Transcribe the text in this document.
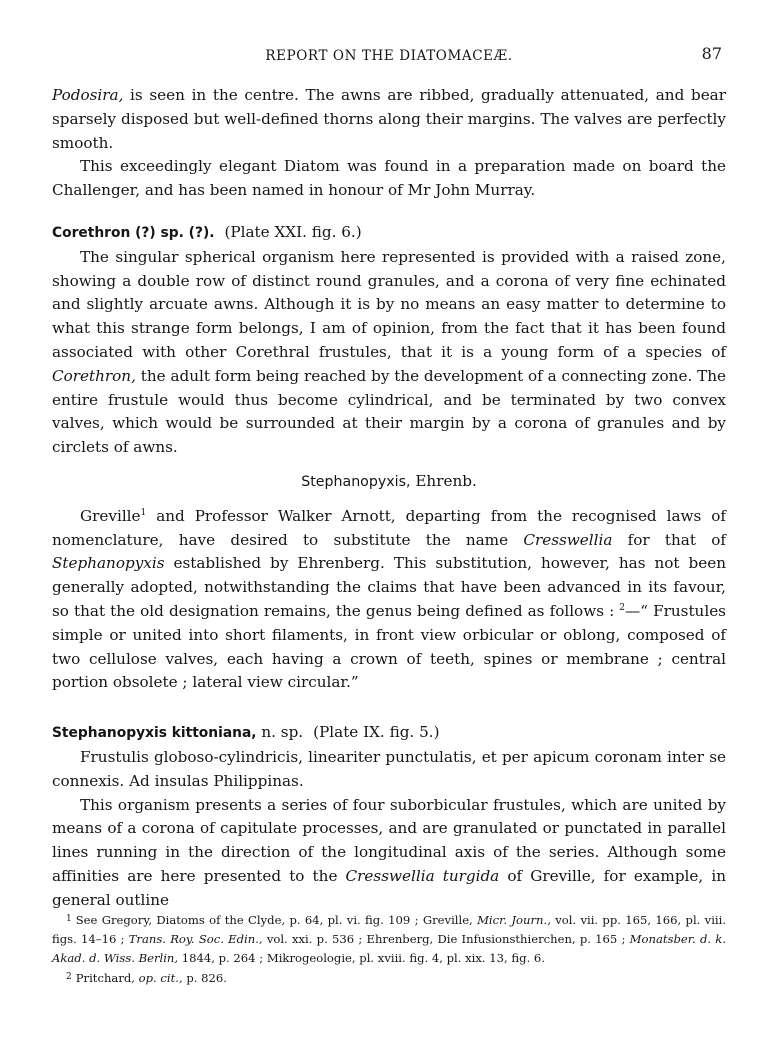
REPORT ON THE DIATOMACEÆ.	87

Podosira, is seen in the centre. The awns are ribbed, gradually attenuated, and bear sparsely disposed but well-defined thorns along their margins. The valves are perfectly smooth.

This exceedingly elegant Diatom was found in a preparation made on board the Challenger, and has been named in honour of Mr John Murray.

Corethron (?) sp. (?). (Plate XXI. fig. 6.)

The singular spherical organism here represented is provided with a raised zone, showing a double row of distinct round granules, and a corona of very fine echinated and slightly arcuate awns. Although it is by no means an easy matter to determine to what this strange form belongs, I am of opinion, from the fact that it has been found associated with other Corethral frustules, that it is a young form of a species of Corethron, the adult form being reached by the development of a connecting zone. The entire frustule would thus become cylindrical, and be terminated by two convex valves, which would be surrounded at their margin by a corona of granules and by circlets of awns.

Stephanopyxis, Ehrenb.

Greville$^1$ and Professor Walker Arnott, departing from the recognised laws of nomenclature, have desired to substitute the name Cresswellia for that of Stephanopyxis established by Ehrenberg. This substitution, however, has not been generally adopted, notwithstanding the claims that have been advanced in its favour, so that the old designation remains, the genus being defined as follows : $^2$—“ Frustules simple or united into short filaments, in front view orbicular or oblong, composed of two cellulose valves, each having a crown of teeth, spines or membrane ; central portion obsolete ; lateral view circular.”

Stephanopyxis kittoniana, n. sp. (Plate IX. fig. 5.)

Frustulis globoso-cylindricis, lineariter punctulatis, et per apicum coronam inter se connexis. Ad insulas Philippinas.

This organism presents a series of four suborbicular frustules, which are united by means of a corona of capitulate processes, and are granulated or punctated in parallel lines running in the direction of the longitudinal axis of the series. Although some affinities are here presented to the Cresswellia turgida of Greville, for example, in general outline

$^1$ See Gregory, Diatoms of the Clyde, p. 64, pl. vi. fig. 109 ; Greville, Micr. Journ., vol. vii. pp. 165, 166, pl. viii. figs. 14–16 ; Trans. Roy. Soc. Edin., vol. xxi. p. 536 ; Ehrenberg, Die Infusionsthierchen, p. 165 ; Monatsber. d. k. Akad. d. Wiss. Berlin, 1844, p. 264 ; Mikrogeologie, pl. xviii. fig. 4, pl. xix. 13, fig. 6.
$^2$ Pritchard, op. cit., p. 826.
